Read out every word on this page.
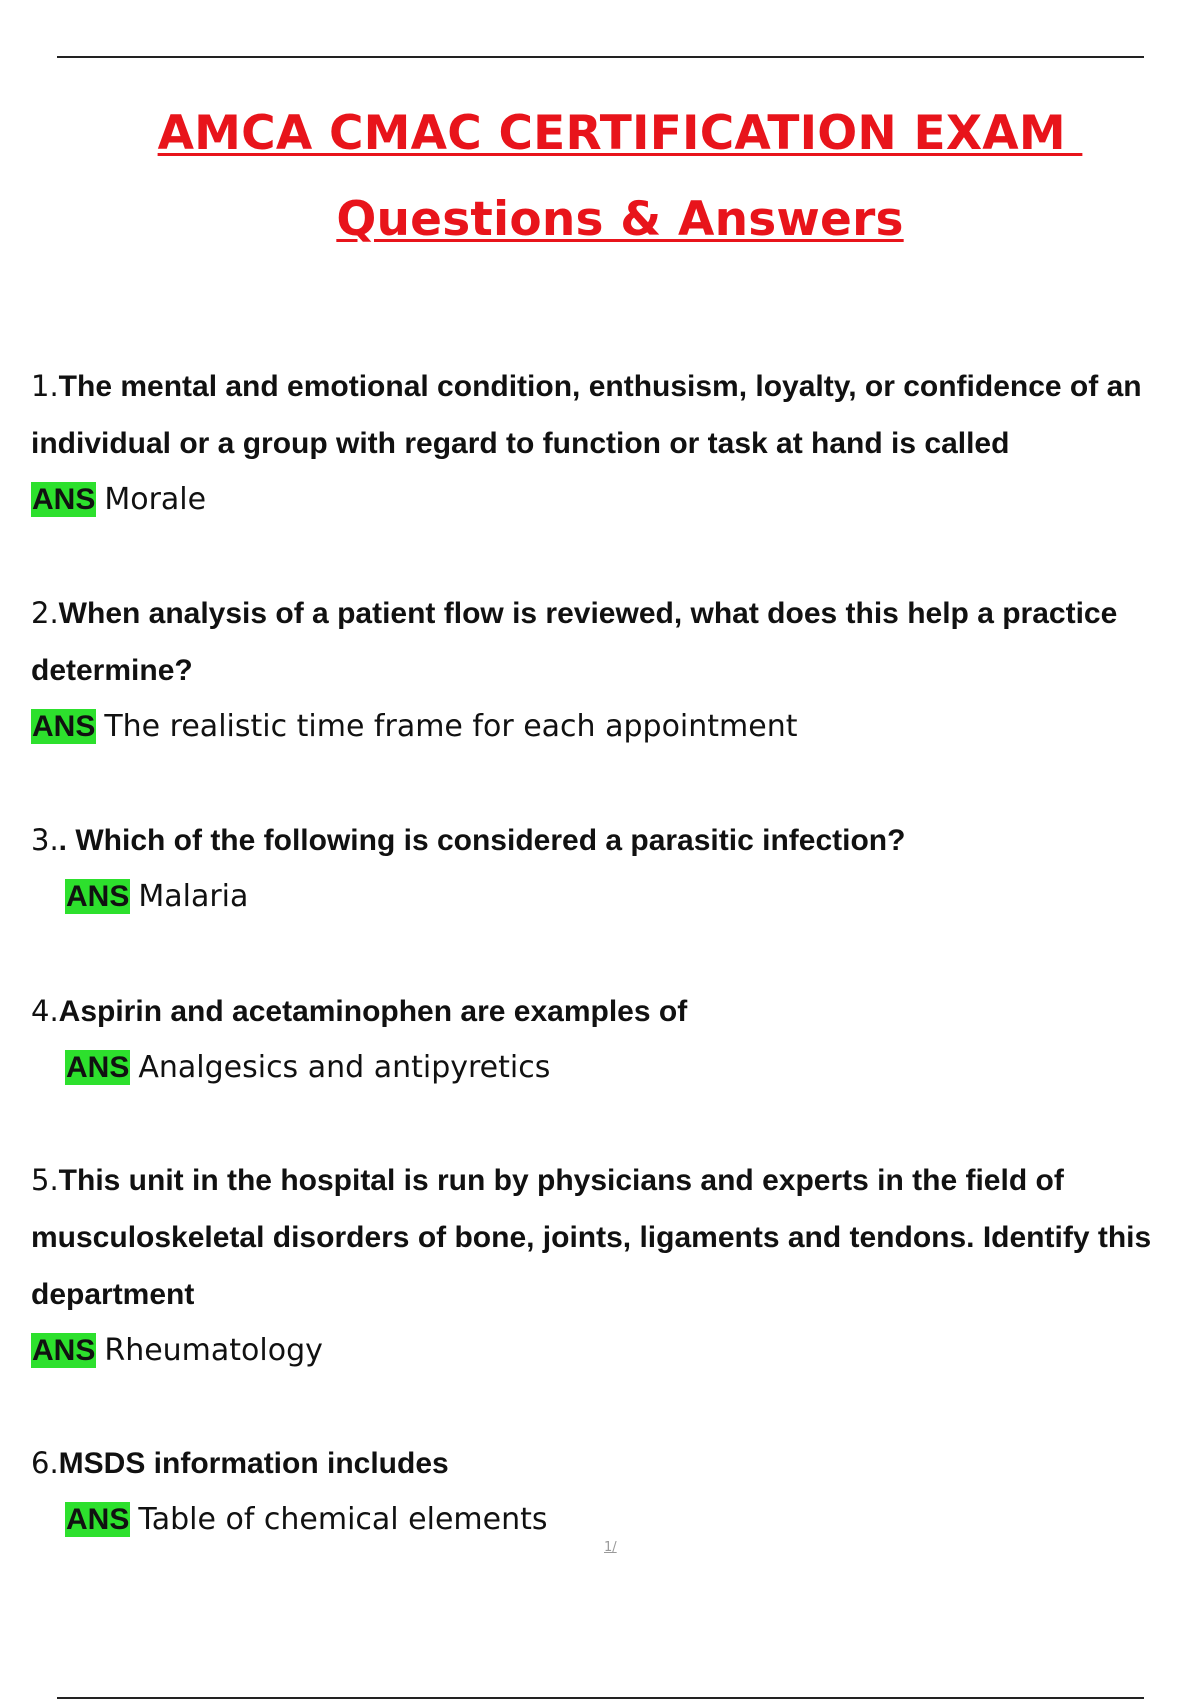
AMCA CMAC CERTIFICATION EXAM
Questions & Answers

1.The mental and emotional condition, enthusism, loyalty, or confidence of an individual or a group with regard to function or task at hand is called

ANS Morale

2.When analysis of a patient flow is reviewed, what does this help a practice determine?

ANS The realistic time frame for each appointment

3.. Which of the following is considered a parasitic infection?

ANS Malaria

4.Aspirin and acetaminophen are examples of

ANS Analgesics and antipyretics

5.This unit in the hospital is run by physicians and experts in the field of musculoskeletal disorders of bone, joints, ligaments and tendons. Identify this department

ANS Rheumatology

6.MSDS information includes

ANS Table of chemical elements

1/
